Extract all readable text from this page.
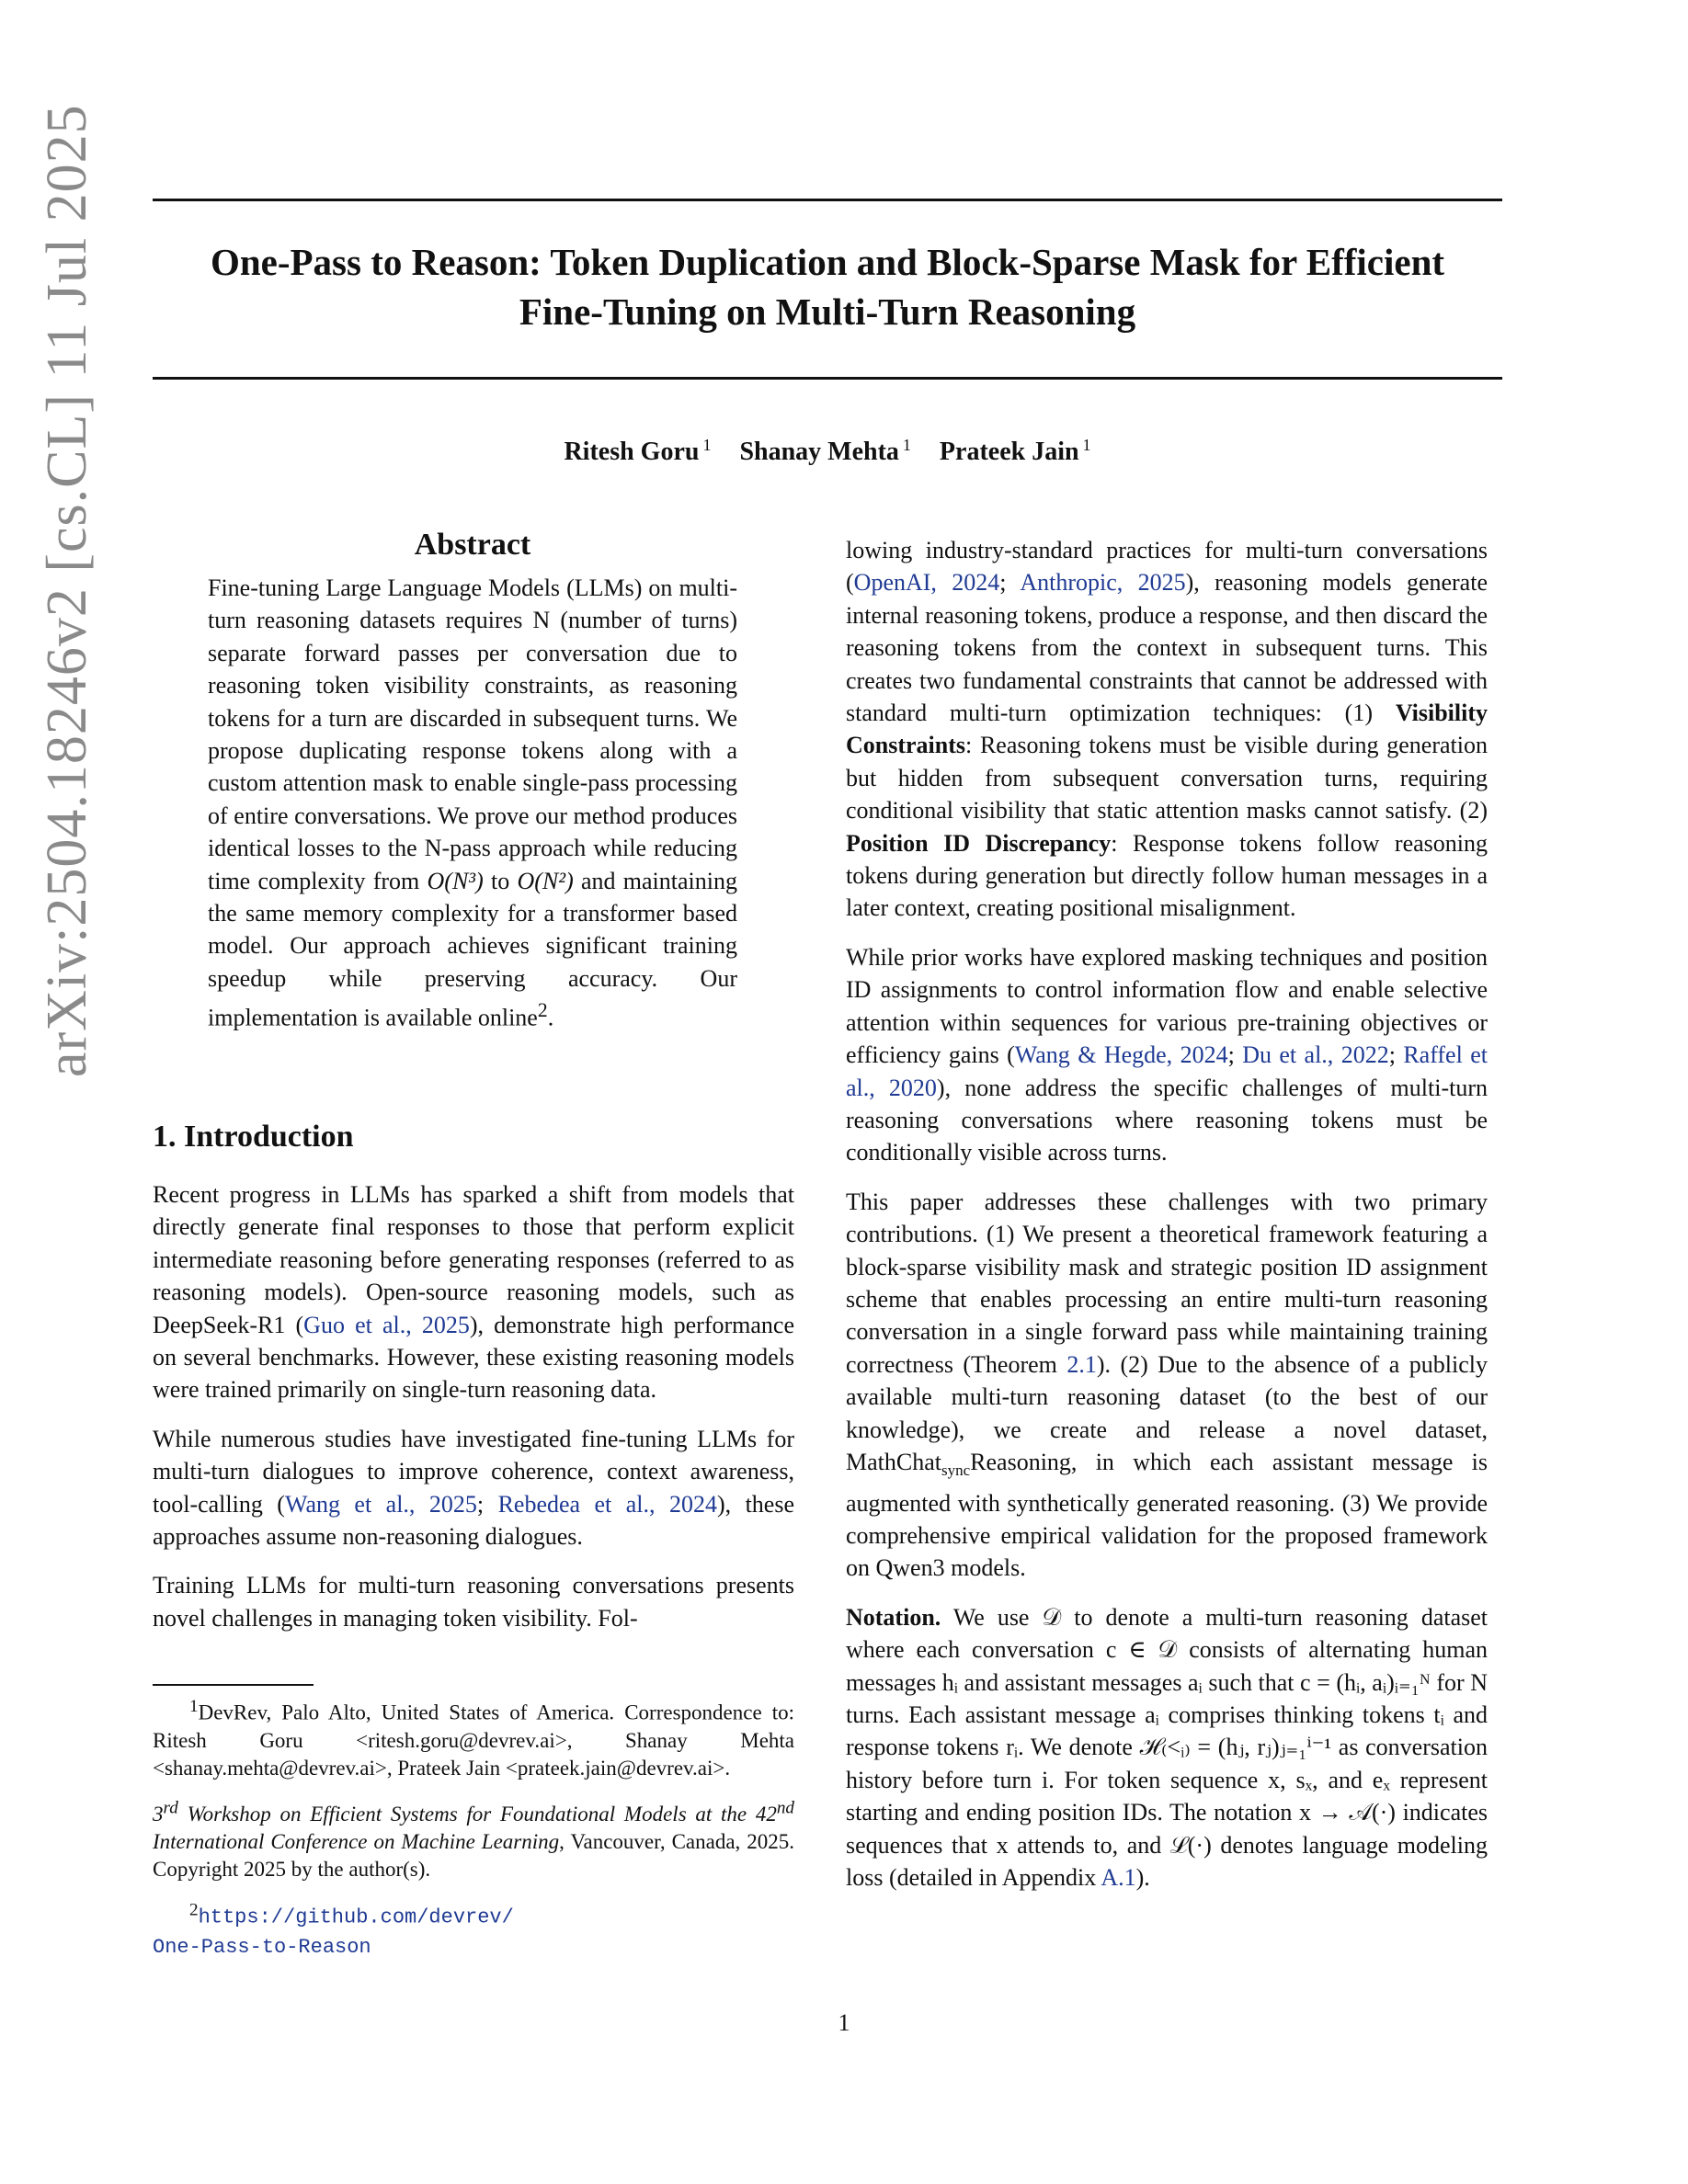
One-Pass to Reason: Token Duplication and Block-Sparse Mask for Efficient
Fine-Tuning on Multi-Turn Reasoning
Ritesh Goru $^1$ Shanay Mehta $^1$ Prateek Jain $^1$
arXiv:2504.18246v2 [cs.CL] 11 Jul 2025	Abstract

Fine-tuning Large Language Models (LLMs) on multi-turn reasoning datasets requires N (number of turns) separate forward passes per conversation due to reasoning token visibility constraints, as reasoning tokens for a turn are discarded in subsequent turns. We propose duplicating response tokens along with a custom attention mask to enable single-pass processing of entire conversations. We prove our method produces identical losses to the N-pass approach while reducing time complexity from O(N³) to O(N²) and maintaining the same memory complexity for a transformer based model. Our approach achieves significant training speedup while preserving accuracy. Our implementation is available online$^2$.

1. Introduction

Recent progress in LLMs has sparked a shift from models that directly generate final responses to those that perform explicit intermediate reasoning before generating responses (referred to as reasoning models). Open-source reasoning models, such as DeepSeek-R1 (Guo et al., 2025), demonstrate high performance on several benchmarks. However, these existing reasoning models were trained primarily on single-turn reasoning data.

While numerous studies have investigated fine-tuning LLMs for multi-turn dialogues to improve coherence, context awareness, tool-calling (Wang et al., 2025; Rebedea et al., 2024), these approaches assume non-reasoning dialogues.

Training LLMs for multi-turn reasoning conversations presents novel challenges in managing token visibility. Fol-

$^1$DevRev, Palo Alto, United States of America. Correspondence to: Ritesh Goru <ritesh.goru@devrev.ai>, Shanay Mehta <shanay.mehta@devrev.ai>, Prateek Jain <prateek.jain@devrev.ai>.

3rd Workshop on Efficient Systems for Foundational Models at the 42nd International Conference on Machine Learning, Vancouver, Canada, 2025. Copyright 2025 by the author(s).

$^2$https://github.com/devrev/
One-Pass-to-Reason

lowing industry-standard practices for multi-turn conversations (OpenAI, 2024; Anthropic, 2025), reasoning models generate internal reasoning tokens, produce a response, and then discard the reasoning tokens from the context in subsequent turns. This creates two fundamental constraints that cannot be addressed with standard multi-turn optimization techniques: (1) Visibility Constraints: Reasoning tokens must be visible during generation but hidden from subsequent conversation turns, requiring conditional visibility that static attention masks cannot satisfy. (2) Position ID Discrepancy: Response tokens follow reasoning tokens during generation but directly follow human messages in a later context, creating positional misalignment.

While prior works have explored masking techniques and position ID assignments to control information flow and enable selective attention within sequences for various pre-training objectives or efficiency gains (Wang & Hegde, 2024; Du et al., 2022; Raffel et al., 2020), none address the specific challenges of multi-turn reasoning conversations where reasoning tokens must be conditionally visible across turns.

This paper addresses these challenges with two primary contributions. (1) We present a theoretical framework featuring a block-sparse visibility mask and strategic position ID assignment scheme that enables processing an entire multi-turn reasoning conversation in a single forward pass while maintaining training correctness (Theorem 2.1). (2) Due to the absence of a publicly available multi-turn reasoning dataset (to the best of our knowledge), we create and release a novel dataset, MathChat$_{sync}$Reasoning, in which each assistant message is augmented with synthetically generated reasoning. (3) We provide comprehensive empirical validation for the proposed framework on Qwen3 models.

Notation. We use 𝒟 to denote a multi-turn reasoning dataset where each conversation c ∈ 𝒟 consists of alternating human messages hᵢ and assistant messages aᵢ such that c = (hᵢ, aᵢ)ᵢ₌₁ᴺ for N turns. Each assistant message aᵢ comprises thinking tokens tᵢ and response tokens rᵢ. We denote ℋ₍<ᵢ₎ = (hⱼ, rⱼ)ⱼ₌₁ⁱ⁻¹ as conversation history before turn i. For token sequence x, sₓ, and eₓ represent starting and ending position IDs. The notation x → 𝒜(·) indicates sequences that x attends to, and ℒ(·) denotes language modeling loss (detailed in Appendix A.1).

1
